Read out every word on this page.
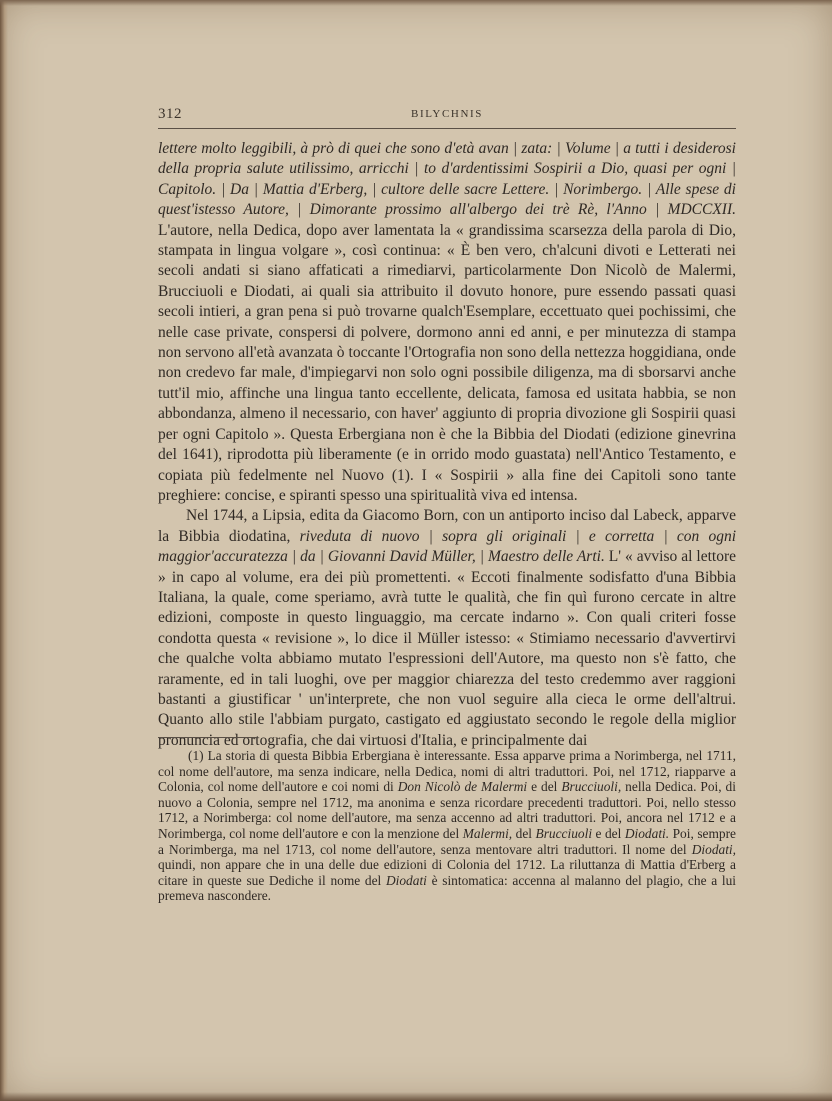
312	BILYCHNIS

lettere molto leggibili, à prò di quei che sono d'età avan | zata: | Volume | a tutti i desiderosi della propria salute utilissimo, arricchi | to d'ardentissimi Sospirii a Dio, quasi per ogni | Capitolo. | Da | Mattia d'Erberg, | cultore delle sacre Lettere. | Norimbergo. | Alle spese di quest'istesso Autore, | Dimorante prossimo all'albergo dei trè Rè, l'Anno | MDCCXII. L'autore, nella Dedica, dopo aver lamentata la « grandissima scarsezza della parola di Dio, stampata in lingua volgare », così continua: « È ben vero, ch'alcuni divoti e Letterati nei secoli andati si siano affaticati a rimediarvi, particolarmente Don Nicolò de Malermi, Brucciuoli e Diodati, ai quali sia attribuito il dovuto honore, pure essendo passati quasi secoli intieri, a gran pena si può trovarne qualch'Esemplare, eccettuato quei pochissimi, che nelle case private, conspersi di polvere, dormono anni ed anni, e per minutezza di stampa non servono all'età avanzata ò toccante l'Ortografia non sono della nettezza hoggidiana, onde non credevo far male, d'impiegarvi non solo ogni possibile diligenza, ma di sborsarvi anche tutt'il mio, affinche una lingua tanto eccellente, delicata, famosa ed usitata habbia, se non abbondanza, almeno il necessario, con haver' aggiunto di propria divozione gli Sospirii quasi per ogni Capitolo ». Questa Erbergiana non è che la Bibbia del Diodati (edizione ginevrina del 1641), riprodotta più liberamente (e in orrido modo guastata) nell'Antico Testamento, e copiata più fedelmente nel Nuovo (1). I « Sospirii » alla fine dei Capitoli sono tante preghiere: concise, e spiranti spesso una spiritualità viva ed intensa.

Nel 1744, a Lipsia, edita da Giacomo Born, con un antiporto inciso dal Labeck, apparve la Bibbia diodatina, riveduta di nuovo | sopra gli originali | e corretta | con ogni maggior'accuratezza | da | Giovanni David Müller, | Maestro delle Arti. L' « avviso al lettore » in capo al volume, era dei più promettenti. « Eccoti finalmente sodisfatto d'una Bibbia Italiana, la quale, come speriamo, avrà tutte le qualità, che fin quì furono cercate in altre edizioni, composte in questo linguaggio, ma cercate indarno ». Con quali criteri fosse condotta questa « revisione », lo dice il Müller istesso: « Stimiamo necessario d'avvertirvi che qualche volta abbiamo mutato l'espressioni dell'Autore, ma questo non s'è fatto, che raramente, ed in tali luoghi, ove per maggior chiarezza del testo credemmo aver raggioni bastanti a giustificar ' un'interprete, che non vuol seguire alla cieca le orme dell'altrui. Quanto allo stile l'abbiam purgato, castigato ed aggiustato secondo le regole della miglior pronuncia ed ortografia, che dai virtuosi d'Italia, e principalmente dai

(1) La storia di questa Bibbia Erbergiana è interessante. Essa apparve prima a Norimberga, nel 1711, col nome dell'autore, ma senza indicare, nella Dedica, nomi di altri traduttori. Poi, nel 1712, riapparve a Colonia, col nome dell'autore e coi nomi di Don Nicolò de Malermi e del Brucciuoli, nella Dedica. Poi, di nuovo a Colonia, sempre nel 1712, ma anonima e senza ricordare precedenti traduttori. Poi, nello stesso 1712, a Norimberga: col nome dell'autore, ma senza accenno ad altri traduttori. Poi, ancora nel 1712 e a Norimberga, col nome dell'autore e con la menzione del Malermi, del Brucciuoli e del Diodati. Poi, sempre a Norimberga, ma nel 1713, col nome dell'autore, senza mentovare altri traduttori. Il nome del Diodati, quindi, non appare che in una delle due edizioni di Colonia del 1712. La riluttanza di Mattia d'Erberg a citare in queste sue Dediche il nome del Diodati è sintomatica: accenna al malanno del plagio, che a lui premeva nascondere.
